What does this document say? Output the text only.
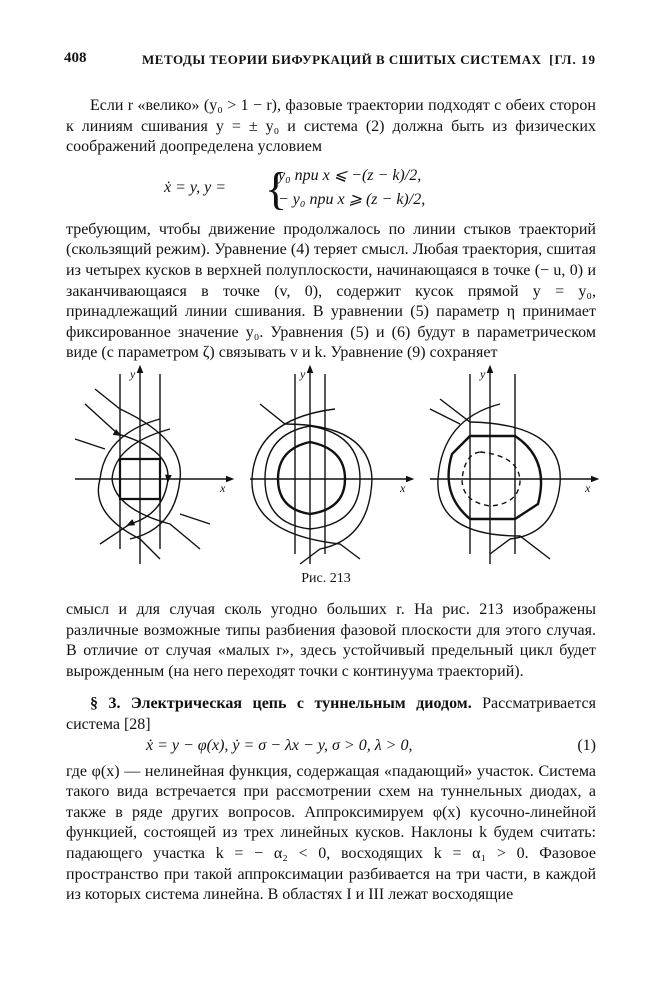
408	МЕТОДЫ ТЕОРИИ БИФУРКАЦИЙ В СШИТЫХ СИСТЕМАХ [ГЛ. 19

Если r «велико» (y₀ > 1 − r), фазовые траектории подходят с обеих сторон к линиям сшивания y = ± y₀ и система (2) должна быть из физических соображений доопределена условием

ẋ = y, y = {
y₀ при x ⩽ −(z − k)/2,
− y₀ при x ⩾ (z − k)/2,

требующим, чтобы движение продолжалось по линии стыков траекторий (скользящий режим). Уравнение (4) теряет смысл. Любая траектория, сшитая из четырех кусков в верхней полуплоскости, начинающаяся в точке (− u, 0) и заканчивающаяся в точке (v, 0), содержит кусок прямой y = y₀, принадлежащий линии сшивания. В уравнении (5) параметр η принимает фиксированное значение y₀. Уравнения (5) и (6) будут в параметрическом виде (с параметром ζ) связывать v и k. Уравнение (9) сохраняет

x
y
x
y
x
y
Рис. 213

смысл и для случая сколь угодно больших r. На рис. 213 изображены различные возможные типы разбиения фазовой плоскости для этого случая. В отличие от случая «малых r», здесь устойчивый предельный цикл будет вырожденным (на него переходят точки с континуума траекторий).

§ 3. Электрическая цепь с туннельным диодом. Рассматривается система [28]

ẋ = y − φ(x), ẏ = σ − λx − y, σ > 0, λ > 0,	(1)

где φ(x) — нелинейная функция, содержащая «падающий» участок. Система такого вида встречается при рассмотрении схем на туннельных диодах, а также в ряде других вопросов. Аппроксимируем φ(x) кусочно-линейной функцией, состоящей из трех линейных кусков. Наклоны k будем считать: падающего участка k = − α₂ < 0, восходящих k = α₁ > 0. Фазовое пространство при такой аппроксимации разбивается на три части, в каждой из которых система линейна. В областях I и III лежат восходящие
